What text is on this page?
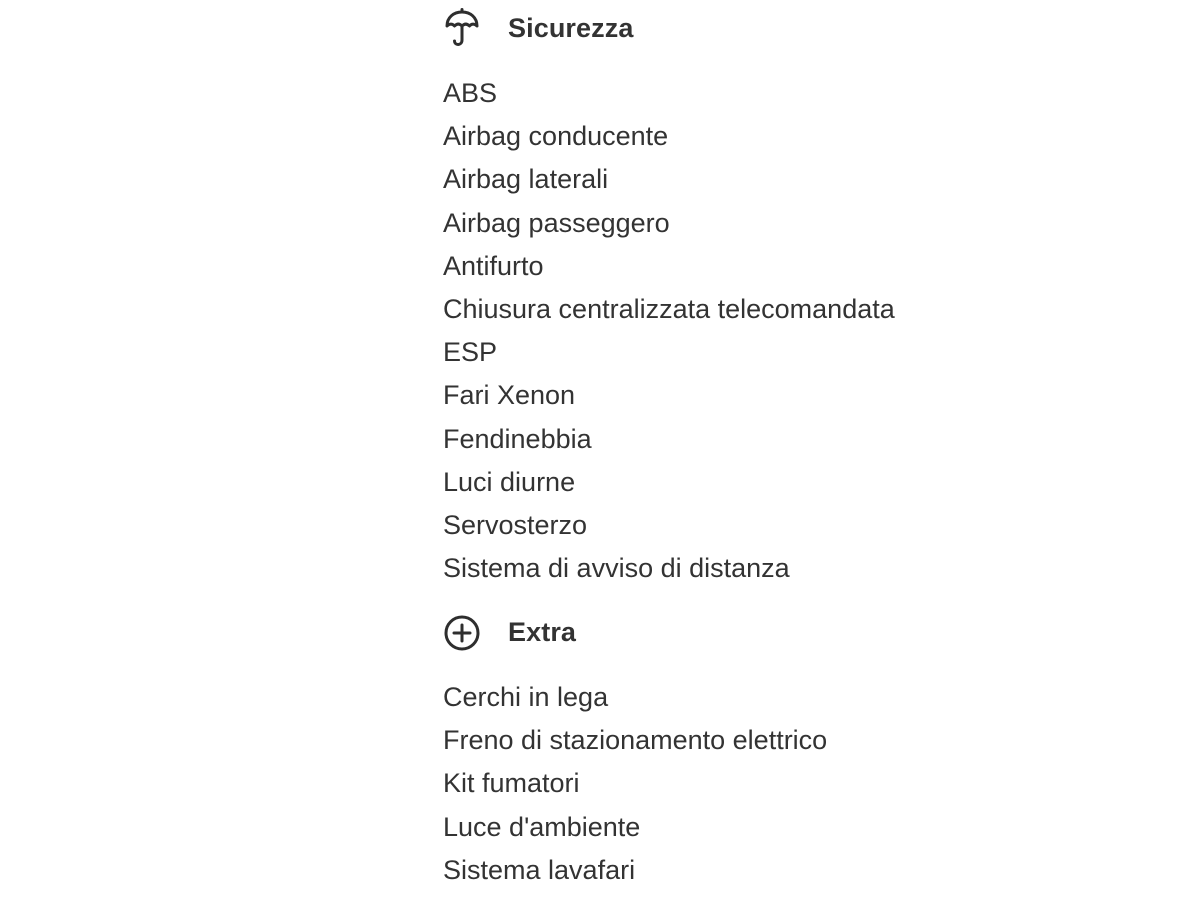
Sicurezza
ABS
Airbag conducente
Airbag laterali
Airbag passeggero
Antifurto
Chiusura centralizzata telecomandata
ESP
Fari Xenon
Fendinebbia
Luci diurne
Servosterzo
Sistema di avviso di distanza
Extra
Cerchi in lega
Freno di stazionamento elettrico
Kit fumatori
Luce d'ambiente
Sistema lavafari
